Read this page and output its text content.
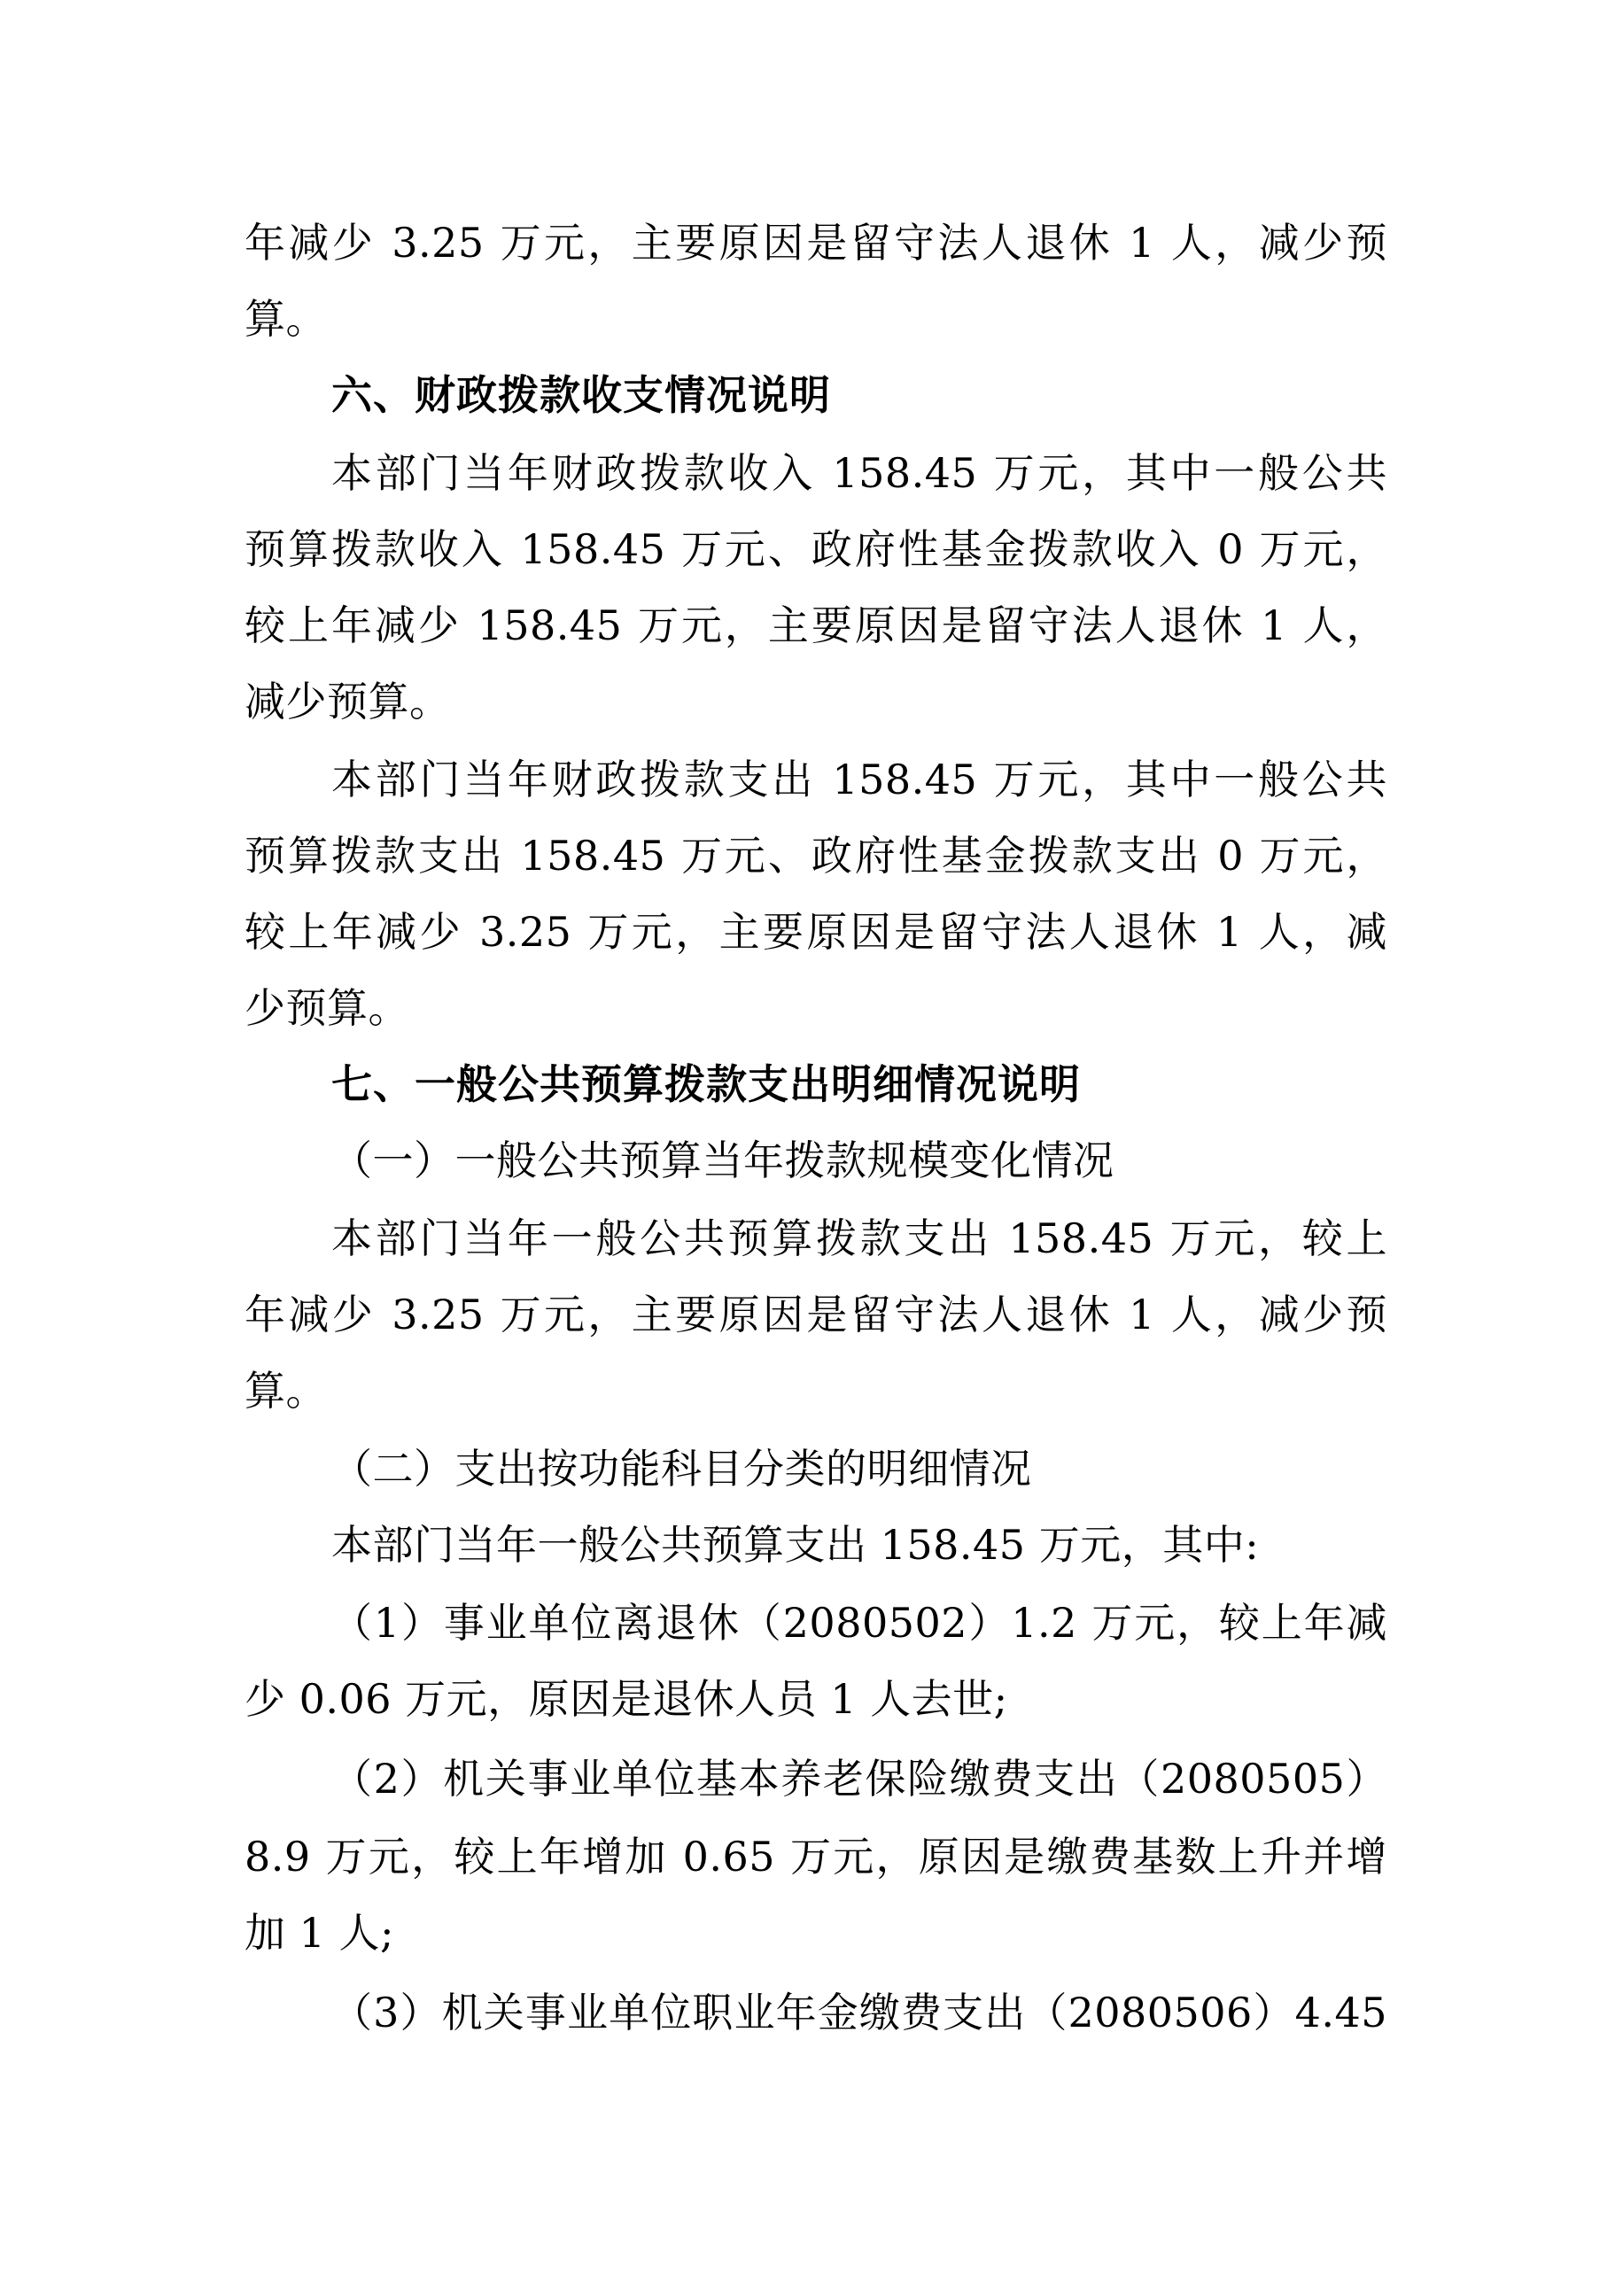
年减少 3.25 万元，主要原因是留守法人退休 1 人，减少预
算。
六、财政拨款收支情况说明
本部门当年财政拨款收入 158.45 万元，其中一般公共
预算拨款收入 158.45 万元、政府性基金拨款收入 0 万元，
较上年减少 158.45 万元，主要原因是留守法人退休 1 人，
减少预算。
本部门当年财政拨款支出 158.45 万元，其中一般公共
预算拨款支出 158.45 万元、政府性基金拨款支出 0 万元，
较上年减少 3.25 万元，主要原因是留守法人退休 1 人，减
少预算。
七、一般公共预算拨款支出明细情况说明
（一）一般公共预算当年拨款规模变化情况
本部门当年一般公共预算拨款支出 158.45 万元，较上
年减少 3.25 万元，主要原因是留守法人退休 1 人，减少预
算。
（二）支出按功能科目分类的明细情况
本部门当年一般公共预算支出 158.45 万元，其中:
（1）事业单位离退休（2080502）1.2 万元，较上年减
少 0.06 万元，原因是退休人员 1 人去世;
（2）机关事业单位基本养老保险缴费支出（2080505）
8.9 万元，较上年增加 0.65 万元，原因是缴费基数上升并增
加 1 人;
（3）机关事业单位职业年金缴费支出（2080506）4.45
